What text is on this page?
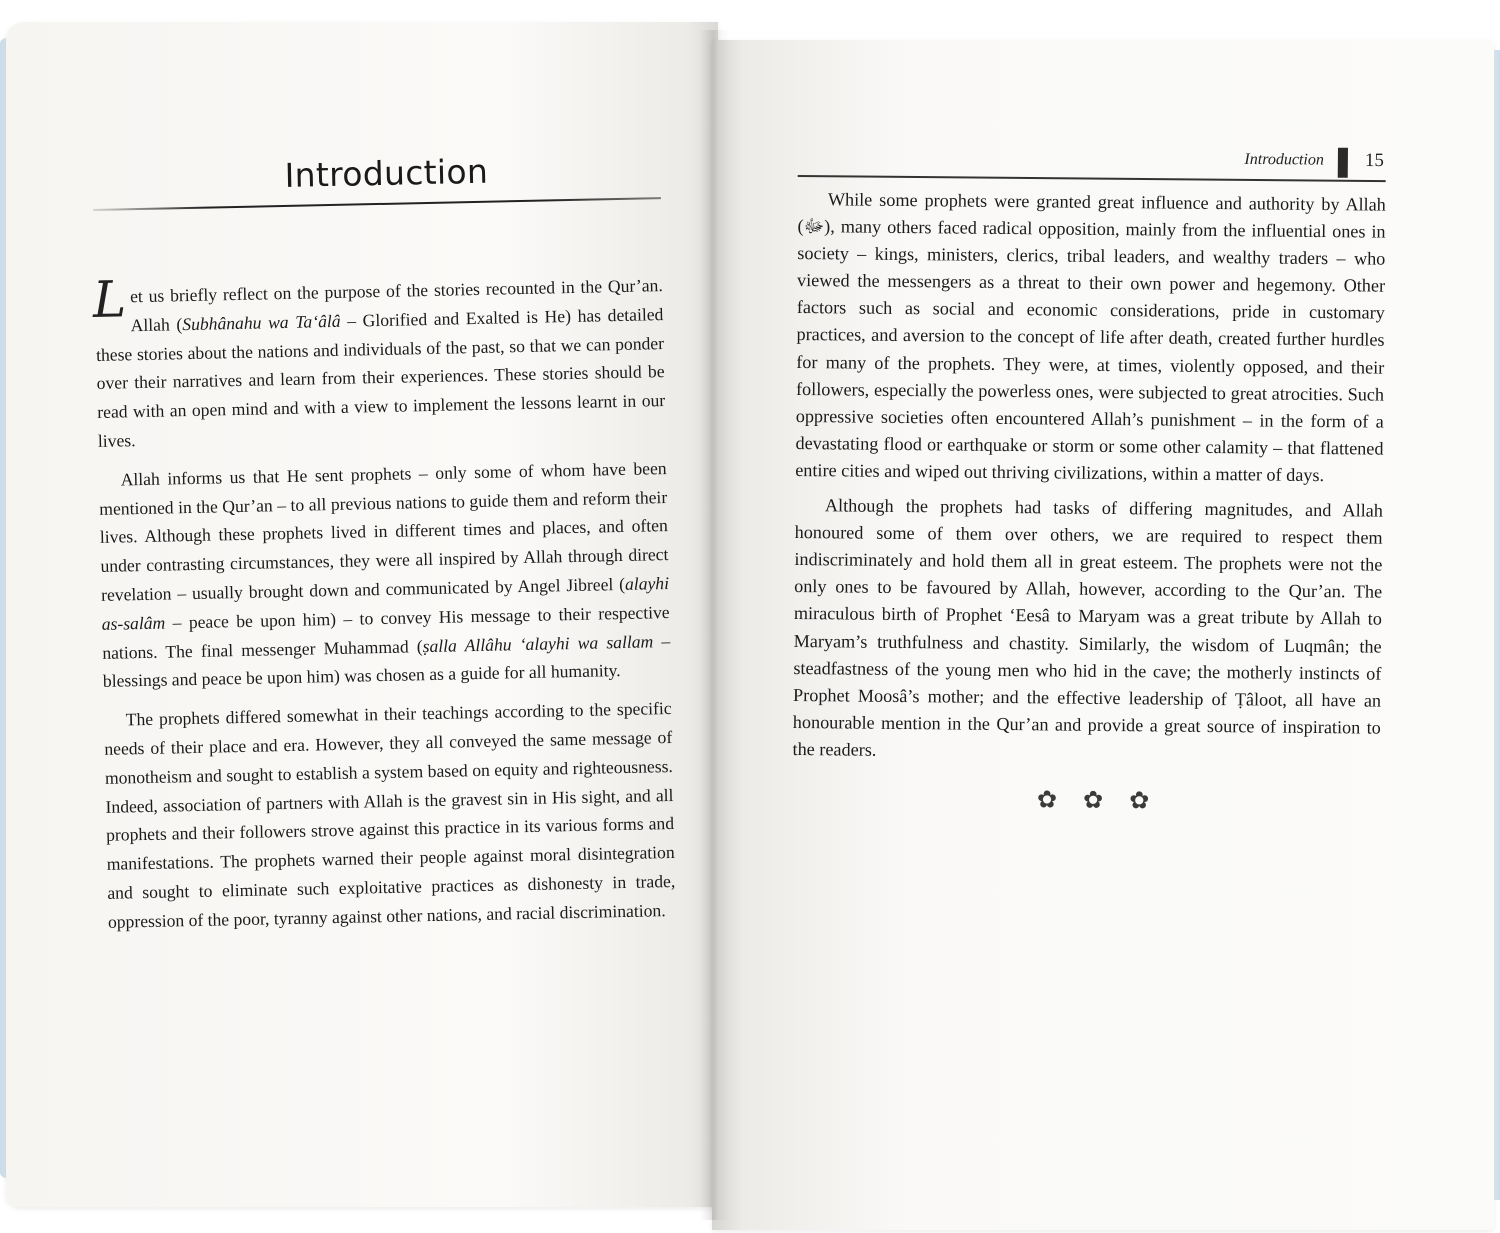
Introduction

Let us briefly reflect on the purpose of the stories recounted in the Qur’an. Allah (Subhânahu wa Ta‘âlâ – Glorified and Exalted is He) has detailed these stories about the nations and individuals of the past, so that we can ponder over their narratives and learn from their experiences. These stories should be read with an open mind and with a view to implement the lessons learnt in our lives.

Allah informs us that He sent prophets – only some of whom have been mentioned in the Qur’an – to all previous nations to guide them and reform their lives. Although these prophets lived in different times and places, and often under contrasting circumstances, they were all inspired by Allah through direct revelation – usually brought down and communicated by Angel Jibreel (alayhi as-salâm – peace be upon him) – to convey His message to their respective nations. The final messenger Muhammad (ṣalla Allâhu ‘alayhi wa sallam – blessings and peace be upon him) was chosen as a guide for all humanity.

The prophets differed somewhat in their teachings according to the specific needs of their place and era. However, they all conveyed the same message of monotheism and sought to establish a system based on equity and righteousness. Indeed, association of partners with Allah is the gravest sin in His sight, and all prophets and their followers strove against this practice in its various forms and manifestations. The prophets warned their people against moral disintegration and sought to eliminate such exploitative practices as dishonesty in trade, oppression of the poor, tyranny against other nations, and racial discrimination.

Introduction 15

While some prophets were granted great influence and authority by Allah (ﷻ), many others faced radical opposition, mainly from the influential ones in society – kings, ministers, clerics, tribal leaders, and wealthy traders – who viewed the messengers as a threat to their own power and hegemony. Other factors such as social and economic considerations, pride in customary practices, and aversion to the concept of life after death, created further hurdles for many of the prophets. They were, at times, violently opposed, and their followers, especially the powerless ones, were subjected to great atrocities. Such oppressive societies often encountered Allah’s punishment – in the form of a devastating flood or earthquake or storm or some other calamity – that flattened entire cities and wiped out thriving civilizations, within a matter of days.

Although the prophets had tasks of differing magnitudes, and Allah honoured some of them over others, we are required to respect them indiscriminately and hold them all in great esteem. The prophets were not the only ones to be favoured by Allah, however, according to the Qur’an. The miraculous birth of Prophet ‘Eesâ to Maryam was a great tribute by Allah to Maryam’s truthfulness and chastity. Similarly, the wisdom of Luqmân; the steadfastness of the young men who hid in the cave; the motherly instincts of Prophet Moosâ’s mother; and the effective leadership of Ṭâloot, all have an honourable mention in the Qur’an and provide a great source of inspiration to the readers.

✿ ✿ ✿
